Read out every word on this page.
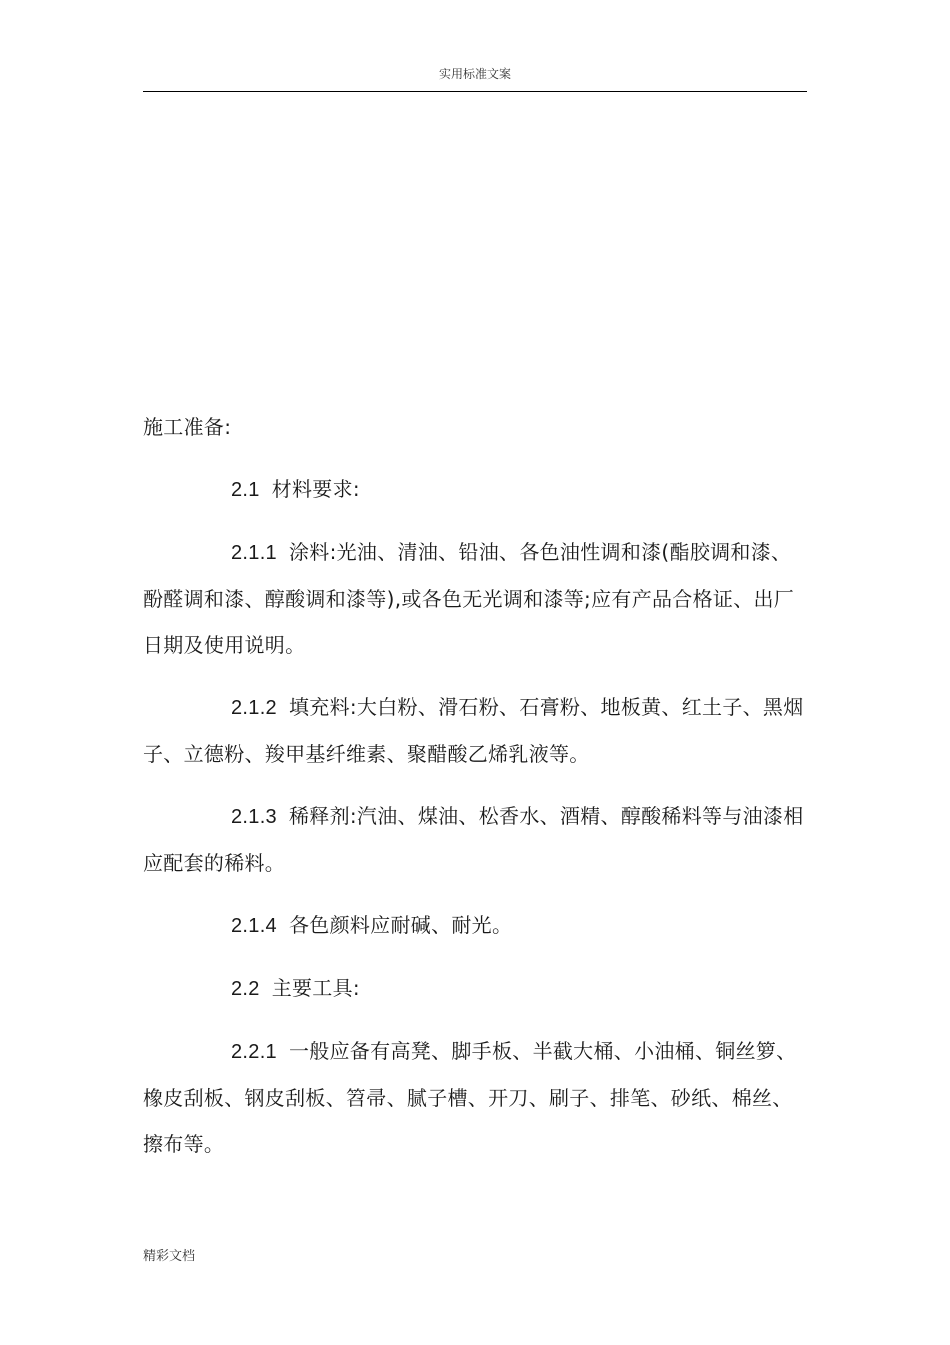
实用标准文案

施工准备:

2.1 材料要求:

2.1.1 涂料:光油、清油、铅油、各色油性调和漆(酯胶调和漆、酚醛调和漆、醇酸调和漆等),或各色无光调和漆等;应有产品合格证、出厂日期及使用说明。

2.1.2 填充料:大白粉、滑石粉、石膏粉、地板黄、红土子、黑烟子、立德粉、羧甲基纤维素、聚醋酸乙烯乳液等。

2.1.3 稀释剂:汽油、煤油、松香水、酒精、醇酸稀料等与油漆相应配套的稀料。

2.1.4 各色颜料应耐碱、耐光。

2.2 主要工具:

2.2.1 一般应备有高凳、脚手板、半截大桶、小油桶、铜丝箩、橡皮刮板、钢皮刮板、笤帚、腻子槽、开刀、刷子、排笔、砂纸、棉丝、擦布等。

精彩文档
